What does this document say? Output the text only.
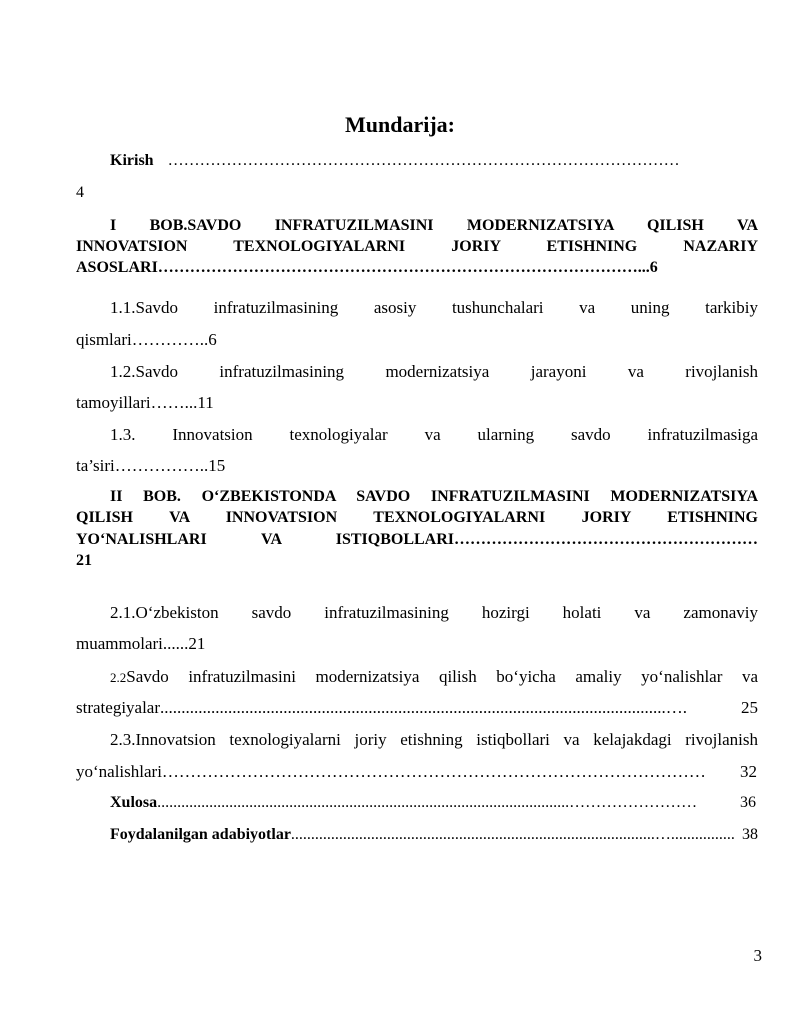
Mundarija:
Kirish ……………………………………………………………………………………
4
I BOB.SAVDO INFRATUZILMASINI MODERNIZATSIYA QILISH VA
INNOVATSION TEXNOLOGIYALARNI JORIY ETISHNING NAZARIY
ASOSLARI………………………………………………………………………………...6
1.1.Savdo infratuzilmasining asosiy tushunchalari va uning tarkibiy
qismlari…………..6
1.2.Savdo infratuzilmasining modernizatsiya jarayoni va rivojlanish
tamoyillari……...11
1.3. Innovatsion texnologiyalar va ularning savdo infratuzilmasiga
ta’siri……………..15
II BOB. O‘ZBEKISTONDA SAVDO INFRATUZILMASINI MODERNIZATSIYA
QILISH VA INNOVATSION TEXNOLOGIYALARNI JORIY ETISHNING
YO‘NALISHLARI VA ISTIQBOLLARI…………………………………………………
21
2.1.O‘zbekiston savdo infratuzilmasining hozirgi holati va zamonaviy
muammolari......21
2.2 Savdo infratuzilmasini modernizatsiya qilish bo‘yicha amaliy yo‘nalishlar va
strategiyalar .......................................................................................................................….	25
2.3.Innovatsion texnologiyalarni joriy etishning istiqbollari va kelajakdagi rivojlanish
yo‘nalishlari ……………………………………………………………………………………	32
Xulosa .......................................................................................................……………………	36
Foydalanilgan adabiyotlar ...........................................................................................…................ 38
3
